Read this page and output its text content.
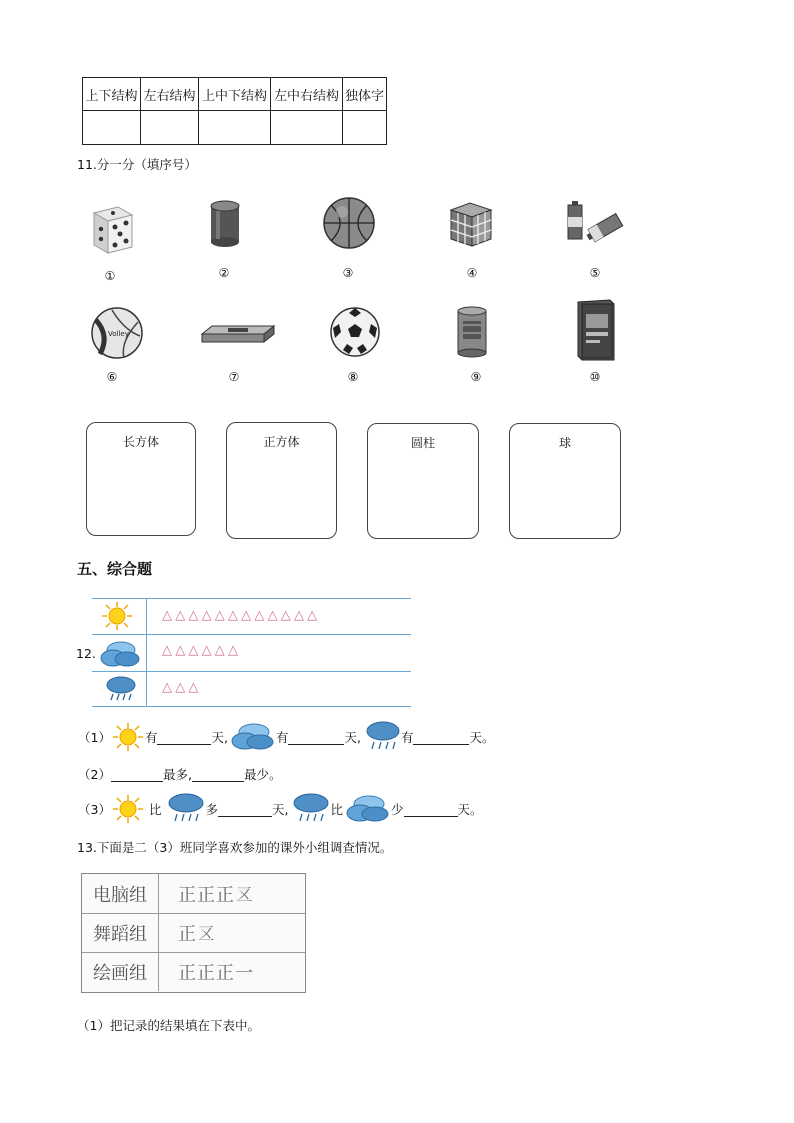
上下结构	左右结构	上中下结构	左中右结构	独体字

11.分一分（填序号）
①	②	③	④	⑤
Volley
⑥	⑦	⑧	⑨	⑩
长方体	正方体	圆柱	球
五、综合题
12.
△△△△△△△△△△△△
△△△△△△
△△△
（1）	有	天,	有	天,	有	天。
（2）	最多,	最少。
（3）	比	多	天,	比	少	天。
13.下面是二（3）班同学喜欢参加的课外小组调查情况。
电脑组	正正正𠄡
舞蹈组	正𠄡
绘画组	正正正一
（1）把记录的结果填在下表中。
